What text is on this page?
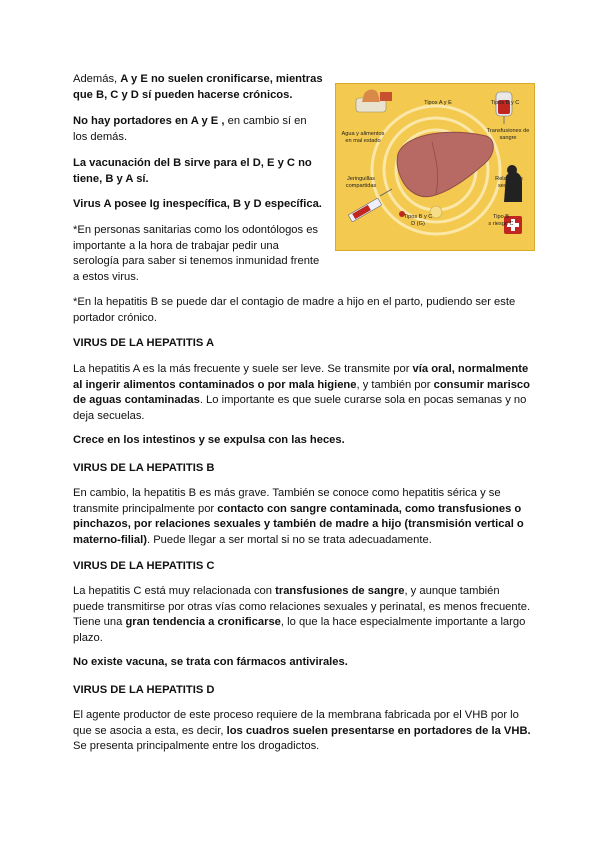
Además, A y E no suelen cronificarse, mientras que B, C y D sí pueden hacerse crónicos.

No hay portadores en A y E , en cambio sí en los demás.

La vacunación del B sirve para el D, E y C no tiene, B y A sí.

Virus A posee Ig inespecífica, B y D específica.

*En personas sanitarias como los odontólogos es importante a la hora de trabajar pedir una serología para saber si tenemos inmunidad frente a estos virus.

*En la hepatitis B se puede dar el contagio de madre a hijo en el parto, pudiendo ser este portador crónico.

Tipos A y E	Tipos B y C
Agua y alimentos en mal estado
Transfusiones de sangre
Jeringuillas compartidas
Relaciones sexuales
Tipos B y C
D (G)
Tipo B
s riesgo C

VIRUS DE LA HEPATITIS A

La hepatitis A es la más frecuente y suele ser leve. Se transmite por vía oral, normalmente al ingerir alimentos contaminados o por mala higiene, y también por consumir marisco de aguas contaminadas. Lo importante es que suele curarse sola en pocas semanas y no deja secuelas.

Crece en los intestinos y se expulsa con las heces.

VIRUS DE LA HEPATITIS B

En cambio, la hepatitis B es más grave. También se conoce como hepatitis sérica y se transmite principalmente por contacto con sangre contaminada, como transfusiones o pinchazos, por relaciones sexuales y también de madre a hijo (transmisión vertical o materno-filial). Puede llegar a ser mortal si no se trata adecuadamente.

VIRUS DE LA HEPATITIS C

La hepatitis C está muy relacionada con transfusiones de sangre, y aunque también puede transmitirse por otras vías como relaciones sexuales y perinatal, es menos frecuente. Tiene una gran tendencia a cronificarse, lo que la hace especialmente importante a largo plazo.

No existe vacuna, se trata con fármacos antivirales.

VIRUS DE LA HEPATITIS D

El agente productor de este proceso requiere de la membrana fabricada por el VHB por lo que se asocia a esta, es decir, los cuadros suelen presentarse en portadores de la VHB. Se presenta principalmente entre los drogadictos.
